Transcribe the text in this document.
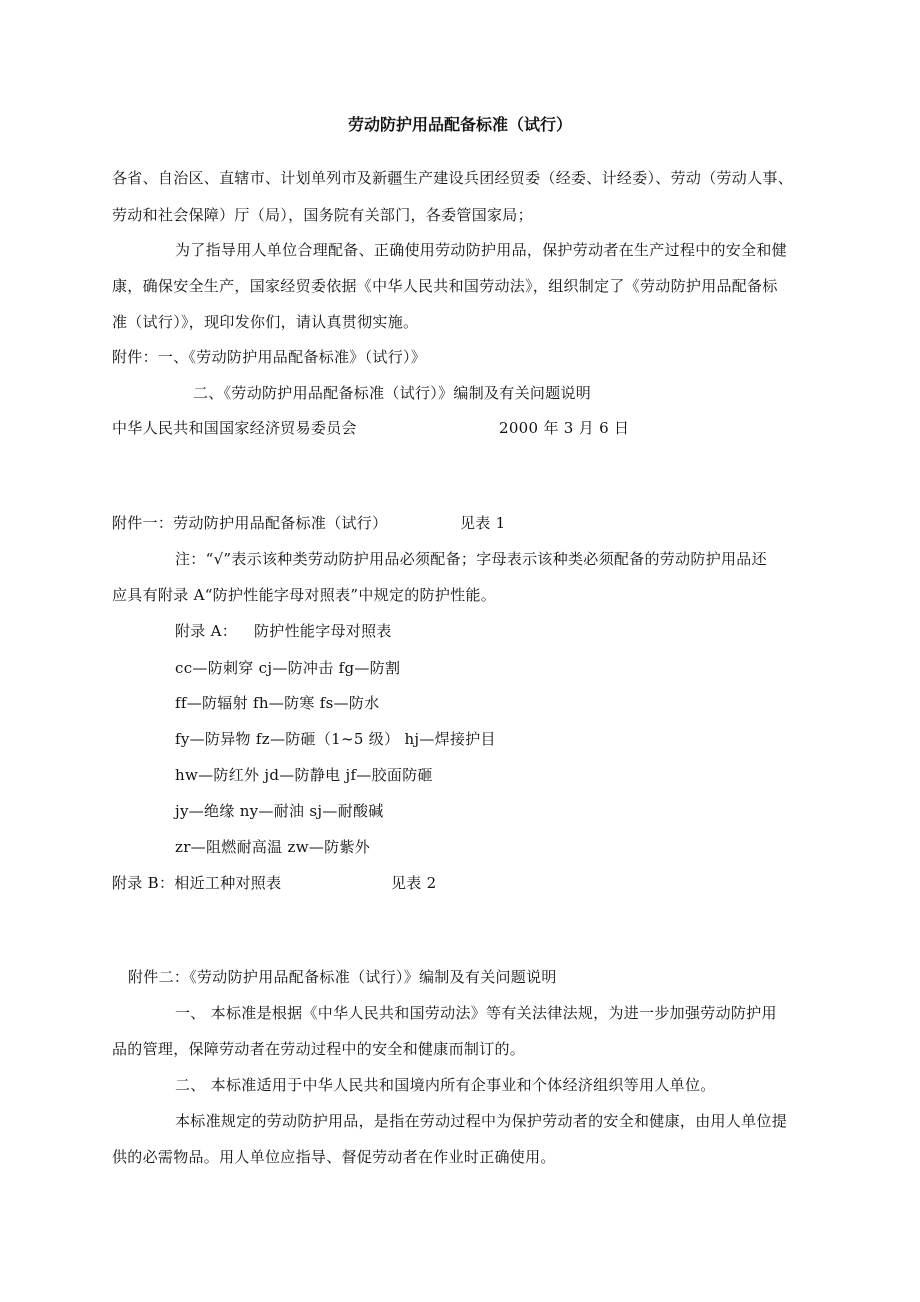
劳动防护用品配备标准（试行）
各省、自治区、直辖市、计划单列市及新疆生产建设兵团经贸委（经委、计经委）、劳动（劳动人事、
劳动和社会保障）厅（局），国务院有关部门，各委管国家局；
为了指导用人单位合理配备、正确使用劳动防护用品，保护劳动者在生产过程中的安全和健
康，确保安全生产，国家经贸委依据《中华人民共和国劳动法》，组织制定了《劳动防护用品配备标
准（试行）》，现印发你们，请认真贯彻实施。
附件：一、《劳动防护用品配备标准》（试行）》
二、《劳动防护用品配备标准（试行）》编制及有关问题说明
中华人民共和国国家经济贸易委员会	2000 年 3 月 6 日
附件一：劳动防护用品配备标准（试行）	见表 1
注：“√”表示该种类劳动防护用品必须配备；字母表示该种类必须配备的劳动防护用品还
应具有附录 A“防护性能字母对照表”中规定的防护性能。
附录 A： 防护性能字母对照表
cc—防刺穿 cj—防冲击 fg—防割
ff—防辐射 fh—防寒 fs—防水
fy—防异物 fz—防砸（1~5 级） hj—焊接护目
hw—防红外 jd—防静电 jf—胶面防砸
jy—绝缘 ny—耐油 sj—耐酸碱
zr—阻燃耐高温 zw—防紫外
附录 B：相近工种对照表	见表 2
附件二：《劳动防护用品配备标准（试行）》编制及有关问题说明
一、 本标准是根据《中华人民共和国劳动法》等有关法律法规，为进一步加强劳动防护用
品的管理，保障劳动者在劳动过程中的安全和健康而制订的。
二、 本标准适用于中华人民共和国境内所有企事业和个体经济组织等用人单位。
本标准规定的劳动防护用品，是指在劳动过程中为保护劳动者的安全和健康，由用人单位提
供的必需物品。用人单位应指导、督促劳动者在作业时正确使用。
